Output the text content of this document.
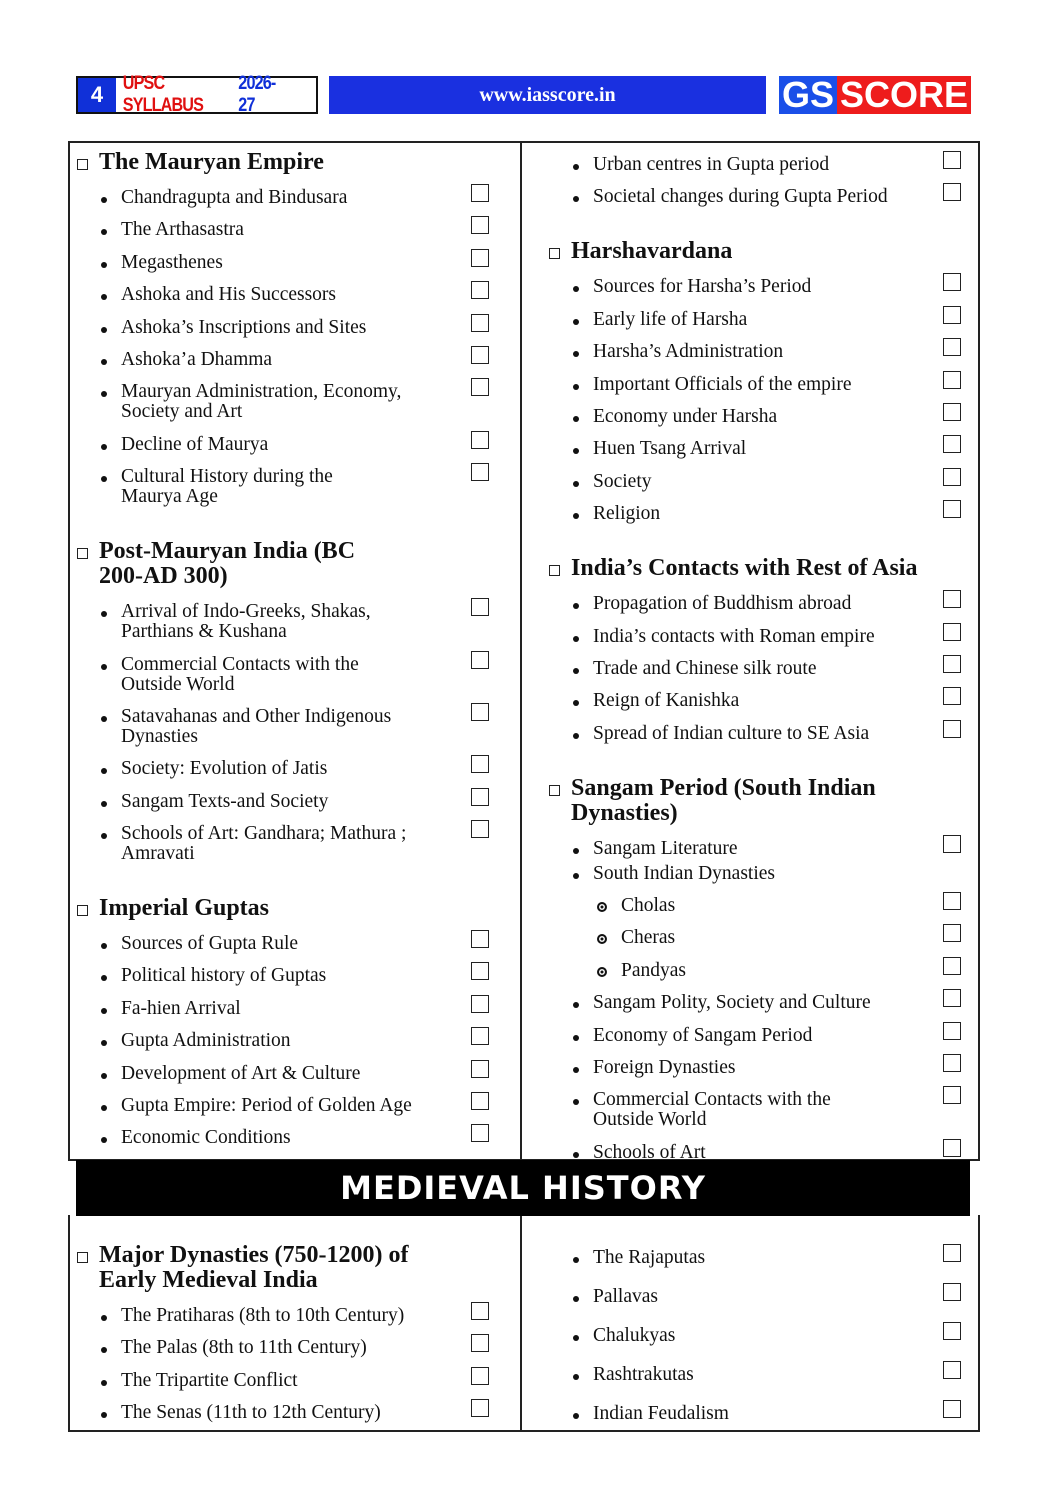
4	UPSC SYLLABUS
2026-27	www.iasscore.in	GS SCORE
MEDIEVAL HISTORY
The Mauryan Empire
Chandragupta and Bindusara
The Arthasastra
Megasthenes
Ashoka and His Successors
Ashoka’s Inscriptions and Sites
Ashoka’a Dhamma
Mauryan Administration, Economy, Society and Art
Decline of Maurya
Cultural History during the Maurya Age
Post-Mauryan India (BC 200-AD 300)
Arrival of Indo-Greeks, Shakas, Parthians & Kushana
Commercial Contacts with the Outside World
Satavahanas and Other Indigenous Dynasties
Society: Evolution of Jatis
Sangam Texts-and Society
Schools of Art: Gandhara; Mathura ; Amravati
Imperial Guptas
Sources of Gupta Rule
Political history of Guptas
Fa-hien Arrival
Gupta Administration
Development of Art & Culture
Gupta Empire: Period of Golden Age
Economic Conditions
Urban centres in Gupta period
Societal changes during Gupta Period
Harshavardana
Sources for Harsha’s Period
Early life of Harsha
Harsha’s Administration
Important Officials of the empire
Economy under Harsha
Huen Tsang Arrival
Society
Religion
India’s Contacts with Rest of Asia
Propagation of Buddhism abroad
India’s contacts with Roman empire
Trade and Chinese silk route
Reign of Kanishka
Spread of Indian culture to SE Asia
Sangam Period (South Indian Dynasties)
Sangam Literature
South Indian Dynasties
Cholas
Cheras
Pandyas
Sangam Polity, Society and Culture
Economy of Sangam Period
Foreign Dynasties
Commercial Contacts with the Outside World
Schools of Art
Major Dynasties (750-1200) of Early Medieval India
The Pratiharas (8th to 10th Century)
The Palas (8th to 11th Century)
The Tripartite Conflict
The Senas (11th to 12th Century)
The Rajaputas
Pallavas
Chalukyas
Rashtrakutas
Indian Feudalism
